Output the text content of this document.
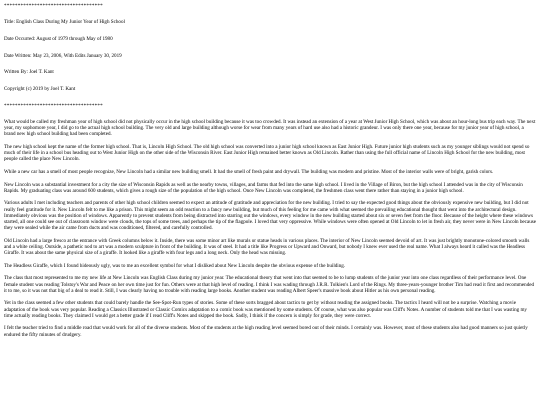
************************************
Title: English Class During My Junior Year of High School
Date Occurred: August of 1979 through May of 1980
Date Written: May 23, 2006, With Edits January 30, 2019
Written By: Joel T. Kant
Copyright (c) 2019 by Joel T. Kant
************************************

What would be called my freshman year of high school did not physically occur in the high school building because it was too crowded. It was instead an extension of a year at West Junior High School, which was about an hour-long bus trip each way. The next year, my sophomore year, I did go to the actual high school building. The very old and large building although worse for wear from many years of hard use also had a historic grandeur. I was only there one year, because for my junior year of high school, a brand new high school building had been completed.

The new high school kept the name of the former high school. That is, Lincoln High School. The old high school was converted into a junior high school known as East Junior High. Future junior high students such as my younger siblings would not spend so much of their life in a school bus heading out to West Junior High on the other side of the Wisconsin River. East Junior High remained better known as Old Lincoln. Rather than using the full official name of Lincoln High School for the new building, most people called the place New Lincoln.

While a new car has a smell of most people recognize, New Lincoln had a similar new building smell. It had the smell of fresh paint and drywall. The building was modern and pristine. Most of the interior walls were of bright, garish colors.

New Lincoln was a substantial investment for a city the size of Wisconsin Rapids as well as the nearby towns, villages, and farms that fed into the same high school. I lived in the Village of Biron, but the high school I attended was in the city of Wisconsin Rapids. My graduating class was around 600 students, which gives a rough size of the population of the high school. Once New Lincoln was completed, the freshmen class went there rather than staying in a junior high school.

Various adults I met including teachers and parents of other high school children seemed to expect an attitude of gratitude and appreciation for the new building. I tried to say the expected good things about the obviously expensive new building, but I did not really feel gratitude for it. New Lincoln felt to me like a prison. This might seem an odd reaction to a fancy new building, but much of this feeling for me came with what seemed the prevailing educational thought that went into the architectural design. Immediately obvious was the position of windows. Apparently to prevent students from being distracted into starring out the windows, every window in the new building started about six or seven feet from the floor. Because of the height where these windows started, all one could see out of classroom window were clouds, the tops of some trees, and perhaps the tip of the flagpole. I loved that very oppressive. While windows were often opened at Old Lincoln to let in fresh air, they never were in New Lincoln because they were sealed while the air came from ducts and was conditioned, filtered, and carefully controlled.

Old Lincoln had a large fresco at the entrance with Greek columns below it. Inside, there was some minor art like murals or statue heads in various places. The interior of New Lincoln seemed devoid of art. It was just brightly monotone-colored smooth walls and a white ceiling. Outside, a pathetic nod to art was a modern sculpture in front of the building. It was of steel. It had a title like Progress or Upward and Onward, but nobody I knew ever used the real name. What I always heard it called was the Headless Giraffe. It was about the same physical size of a giraffe. It looked like a giraffe with four legs and a long neck. Only the head was missing.

The Headless Giraffe, which I found hideously ugly, was to me an excellent symbol for what I disliked about New Lincoln despite the obvious expense of the building.

The class that most represented to me my new life at New Lincoln was English Class during my junior year. The educational theory that went into that seemed to be to lump students of the junior year into one class regardless of their performance level. One female student was reading Tolstoy's War and Peace on her own time just for fun. Others were at that high level of reading. I think I was wading through J.R.R. Tolkien's Lord of the Rings. My three-years-younger brother Tim had read it first and recommended it to me, so it was not that big of a deal to read it. Still, I was clearly having no trouble with reading large books. Another student was reading Albert Speer's massive book about Hitler as his own personal reading.

Yet in the class seemed a few other students that could barely handle the See-Spot-Run types of stories. Some of these sorts bragged about tactics to get by without reading the assigned books. The tactics I heard will not be a surprise. Watching a movie adaptation of the book was very popular. Reading a Classics Illustrated or Classic Comics adaptation to a comic book was mentioned by some students. Of course, what was also popular was Cliff's Notes. A number of students told me that I was wasting my time actually reading books. They claimed I would get a better grade if I read Cliff's Notes and skipped the book. Sadly, I think if the concern is simply for grade, they were correct.

I felt the teacher tried to find a middle road that would work for all of the diverse students. Most of the students at the high reading level seemed bored out of their minds. I certainly was. However, most of these students also had good manners so just quietly endured the fifty minutes of drudgery.
